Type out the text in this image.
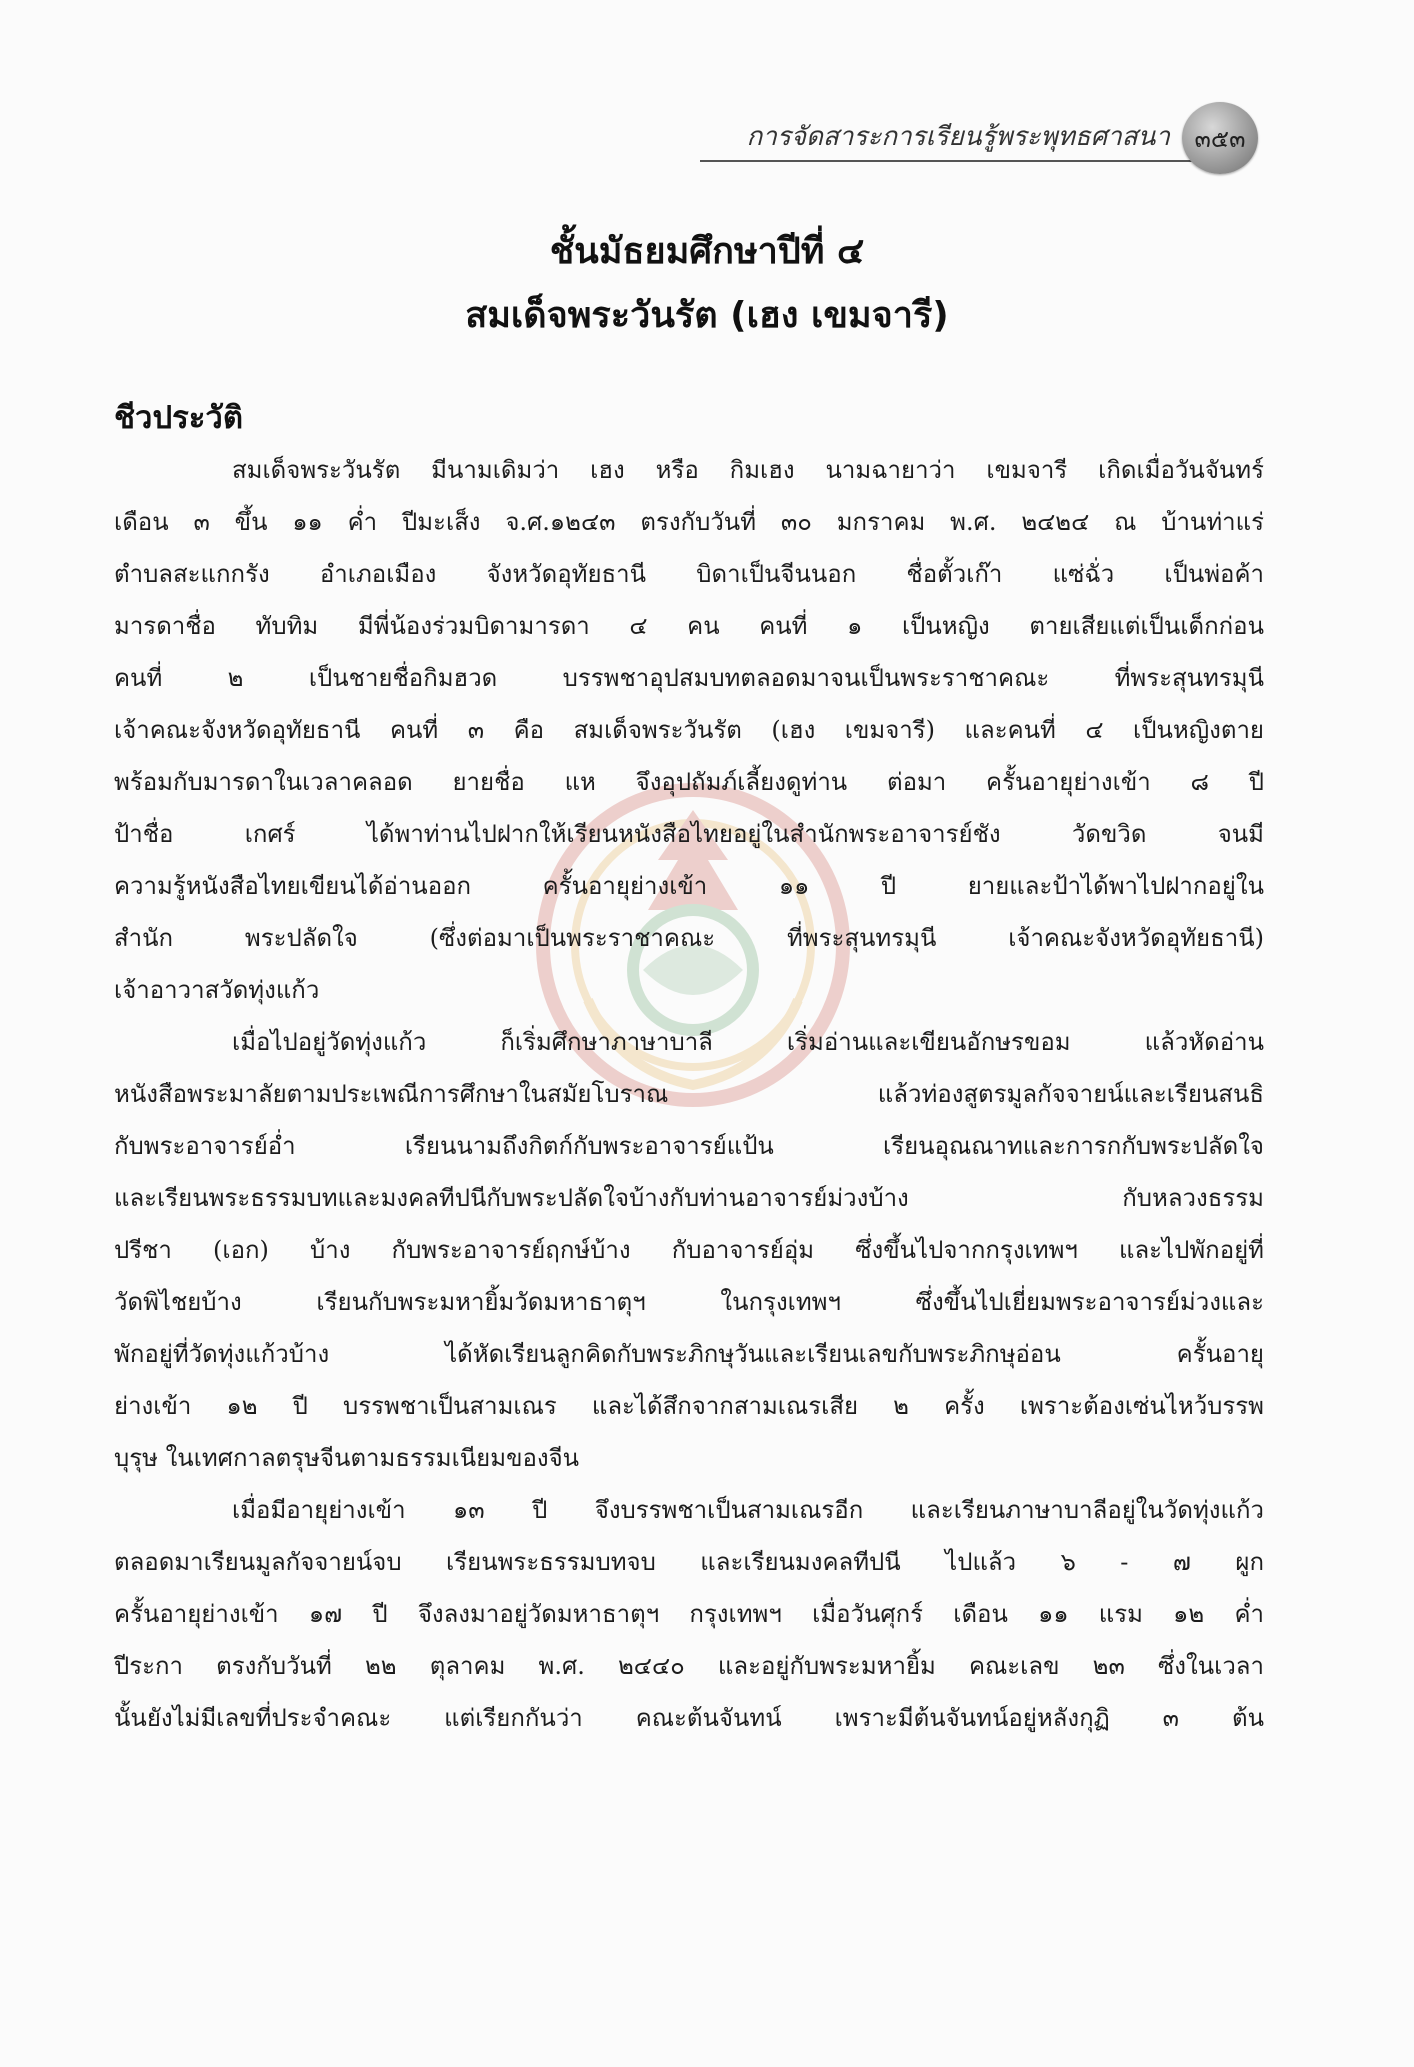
การจัดสาระการเรียนรู้พระพุทธศาสนา	๓๕๓
ชั้นมัธยมศึกษาปีที่ ๔
สมเด็จพระวันรัต (เฮง เขมจารี)
ชีวประวัติ
สมเด็จพระวันรัต มีนามเดิมว่า เฮง หรือ กิมเฮง นามฉายาว่า เขมจารี เกิดเมื่อวันจันทร์
เดือน ๓ ขึ้น ๑๑ ค่ำ ปีมะเส็ง จ.ศ.๑๒๔๓ ตรงกับวันที่ ๓๐ มกราคม พ.ศ. ๒๔๒๔ ณ บ้านท่าแร่
ตำบลสะแกกรัง อำเภอเมือง จังหวัดอุทัยธานี บิดาเป็นจีนนอก ชื่อตั้วเก๊า แซ่ฉั่ว เป็นพ่อค้า
มารดาชื่อ ทับทิม มีพี่น้องร่วมบิดามารดา ๔ คน คนที่ ๑ เป็นหญิง ตายเสียแต่เป็นเด็กก่อน
คนที่ ๒ เป็นชายชื่อกิมฮวด บรรพชาอุปสมบทตลอดมาจนเป็นพระราชาคณะ ที่พระสุนทรมุนี
เจ้าคณะจังหวัดอุทัยธานี คนที่ ๓ คือ สมเด็จพระวันรัต (เฮง เขมจารี) และคนที่ ๔ เป็นหญิงตาย
พร้อมกับมารดาในเวลาคลอด ยายชื่อ แห จึงอุปถัมภ์เลี้ยงดูท่าน ต่อมา ครั้นอายุย่างเข้า ๘ ปี
ป้าชื่อ เกศร์ ได้พาท่านไปฝากให้เรียนหนังสือไทยอยู่ในสำนักพระอาจารย์ชัง วัดขวิด จนมี
ความรู้หนังสือไทยเขียนได้อ่านออก ครั้นอายุย่างเข้า ๑๑ ปี ยายและป้าได้พาไปฝากอยู่ใน
สำนัก พระปลัดใจ (ซึ่งต่อมาเป็นพระราชาคณะ ที่พระสุนทรมุนี เจ้าคณะจังหวัดอุทัยธานี)
เจ้าอาวาสวัดทุ่งแก้ว
เมื่อไปอยู่วัดทุ่งแก้ว ก็เริ่มศึกษาภาษาบาลี เริ่มอ่านและเขียนอักษรขอม แล้วหัดอ่าน
หนังสือพระมาลัยตามประเพณีการศึกษาในสมัยโบราณ แล้วท่องสูตรมูลกัจจายน์และเรียนสนธิ
กับพระอาจารย์อ่ำ เรียนนามถึงกิตก์กับพระอาจารย์แป้น เรียนอุณณาทและการกกับพระปลัดใจ
และเรียนพระธรรมบทและมงคลทีปนีกับพระปลัดใจบ้างกับท่านอาจารย์ม่วงบ้าง กับหลวงธรรม
ปรีชา (เอก) บ้าง กับพระอาจารย์ฤกษ์บ้าง กับอาจารย์อุ่ม ซึ่งขึ้นไปจากกรุงเทพฯ และไปพักอยู่ที่
วัดพิไชยบ้าง เรียนกับพระมหายิ้มวัดมหาธาตุฯ ในกรุงเทพฯ ซึ่งขึ้นไปเยี่ยมพระอาจารย์ม่วงและ
พักอยู่ที่วัดทุ่งแก้วบ้าง ได้หัดเรียนลูกคิดกับพระภิกษุวันและเรียนเลขกับพระภิกษุอ่อน ครั้นอายุ
ย่างเข้า ๑๒ ปี บรรพชาเป็นสามเณร และได้สึกจากสามเณรเสีย ๒ ครั้ง เพราะต้องเซ่นไหว้บรรพ
บุรุษ ในเทศกาลตรุษจีนตามธรรมเนียมของจีน
เมื่อมีอายุย่างเข้า ๑๓ ปี จึงบรรพชาเป็นสามเณรอีก และเรียนภาษาบาลีอยู่ในวัดทุ่งแก้ว
ตลอดมาเรียนมูลกัจจายน์จบ เรียนพระธรรมบทจบ และเรียนมงคลทีปนี ไปแล้ว ๖ - ๗ ผูก
ครั้นอายุย่างเข้า ๑๗ ปี จึงลงมาอยู่วัดมหาธาตุฯ กรุงเทพฯ เมื่อวันศุกร์ เดือน ๑๑ แรม ๑๒ ค่ำ
ปีระกา ตรงกับวันที่ ๒๒ ตุลาคม พ.ศ. ๒๔๔๐ และอยู่กับพระมหายิ้ม คณะเลข ๒๓ ซึ่งในเวลา
นั้นยังไม่มีเลขที่ประจำคณะ แต่เรียกกันว่า คณะต้นจันทน์ เพราะมีต้นจันทน์อยู่หลังกุฏิ ๓ ต้น
